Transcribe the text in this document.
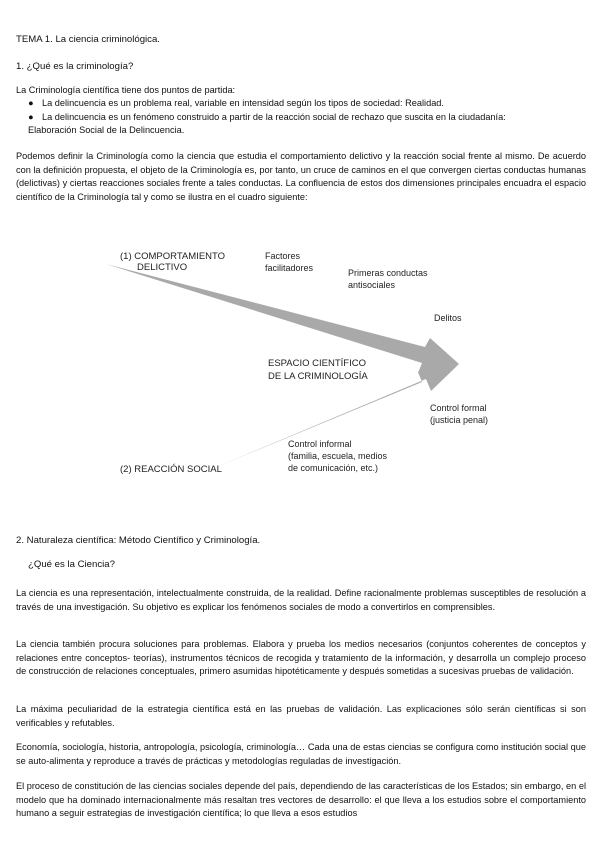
TEMA 1. La ciencia criminológica.

1. ¿Qué es la criminología?

La Criminología científica tiene dos puntos de partida:

● La delincuencia es un problema real, variable en intensidad según los tipos de sociedad: Realidad.
● La delincuencia es un fenómeno construido a partir de la reacción social de rechazo que suscita en la ciudadanía:
Elaboración Social de la Delincuencia.

Podemos definir la Criminología como la ciencia que estudia el comportamiento delictivo y la reacción social frente al mismo. De acuerdo con la definición propuesta, el objeto de la Criminología es, por tanto, un cruce de caminos en el que convergen ciertas conductas humanas (delictivas) y ciertas reacciones sociales frente a tales conductas. La confluencia de estos dos dimensiones principales encuadra el espacio científico de la Criminología tal y como se ilustra en el cuadro siguiente:

(1) COMPORTAMIENTO
DELICTIVO
Factores
facilitadores	Primeras conductas
antisociales
Delitos
ESPACIO CIENTÍFICO
DE LA CRIMINOLOGÍA
Control formal
(justicia penal)
Control informal
(familia, escuela, medios
de comunicación, etc.)
(2) REACCIÓN SOCIAL

2. Naturaleza científica: Método Científico y Criminología.

¿Qué es la Ciencia?

La ciencia es una representación, intelectualmente construida, de la realidad. Define racionalmente problemas susceptibles de resolución a través de una investigación. Su objetivo es explicar los fenómenos sociales de modo a convertirlos en comprensibles.

La ciencia también procura soluciones para problemas. Elabora y prueba los medios necesarios (conjuntos coherentes de conceptos y relaciones entre conceptos- teorías), instrumentos técnicos de recogida y tratamiento de la información, y desarrolla un complejo proceso de construcción de relaciones conceptuales, primero asumidas hipotéticamente y después sometidas a sucesivas pruebas de validación.

La máxima peculiaridad de la estrategia científica está en las pruebas de validación. Las explicaciones sólo serán científicas si son verificables y refutables.

Economía, sociología, historia, antropología, psicología, criminología… Cada una de estas ciencias se configura como institución social que se auto-alimenta y reproduce a través de prácticas y metodologías reguladas de investigación.

El proceso de constitución de las ciencias sociales depende del país, dependiendo de las características de los Estados; sin embargo, en el modelo que ha dominado internacionalmente más resaltan tres vectores de desarrollo: el que lleva a los estudios sobre el comportamiento humano a seguir estrategias de investigación científica; lo que lleva a esos estudios
